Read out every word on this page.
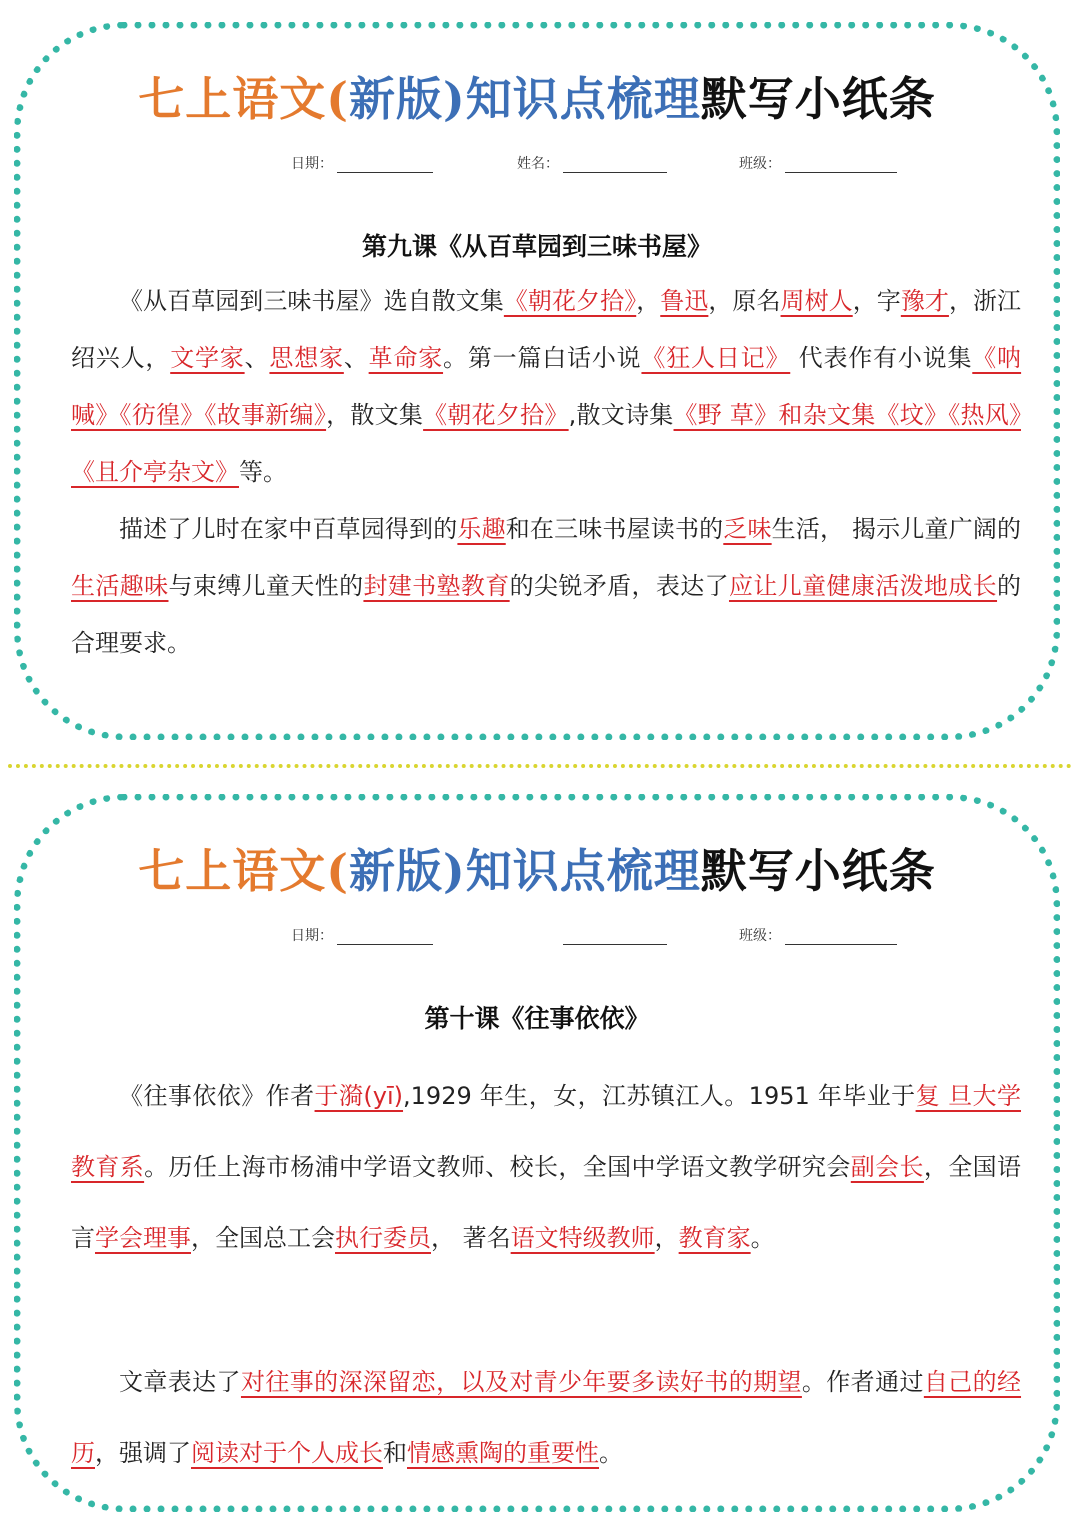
七上语文(新版)知识点梳理默写小纸条
日期：	姓名：	班级：
第九课《从百草园到三味书屋》
《从百草园到三味书屋》选自散文集《朝花夕拾》，鲁迅，原名周树人，字豫才，浙江绍兴人，文学家、思想家、革命家。第一篇白话小说《狂人日记》 代表作有小说集《呐喊》《彷徨》《故事新编》，散文集《朝花夕拾》,散文诗集《野 草》和杂文集《坟》《热风》《且介亭杂文》等。
描述了儿时在家中百草园得到的乐趣和在三味书屋读书的乏味生活， 揭示儿童广阔的生活趣味与束缚儿童天性的封建书塾教育的尖锐矛盾，表达了应让儿童健康活泼地成长的合理要求。
七上语文(新版)知识点梳理默写小纸条
日期：	班级：
第十课《往事依依》
《往事依依》作者于漪(yī),1929 年生，女，江苏镇江人。1951 年毕业于复 旦大学教育系。历任上海市杨浦中学语文教师、校长，全国中学语文教学研究会副会长，全国语言学会理事，全国总工会执行委员， 著名语文特级教师，教育家。
文章表达了对往事的深深留恋，以及对青少年要多读好书的期望。作者通过自己的经历，强调了阅读对于个人成长和情感熏陶的重要性。
